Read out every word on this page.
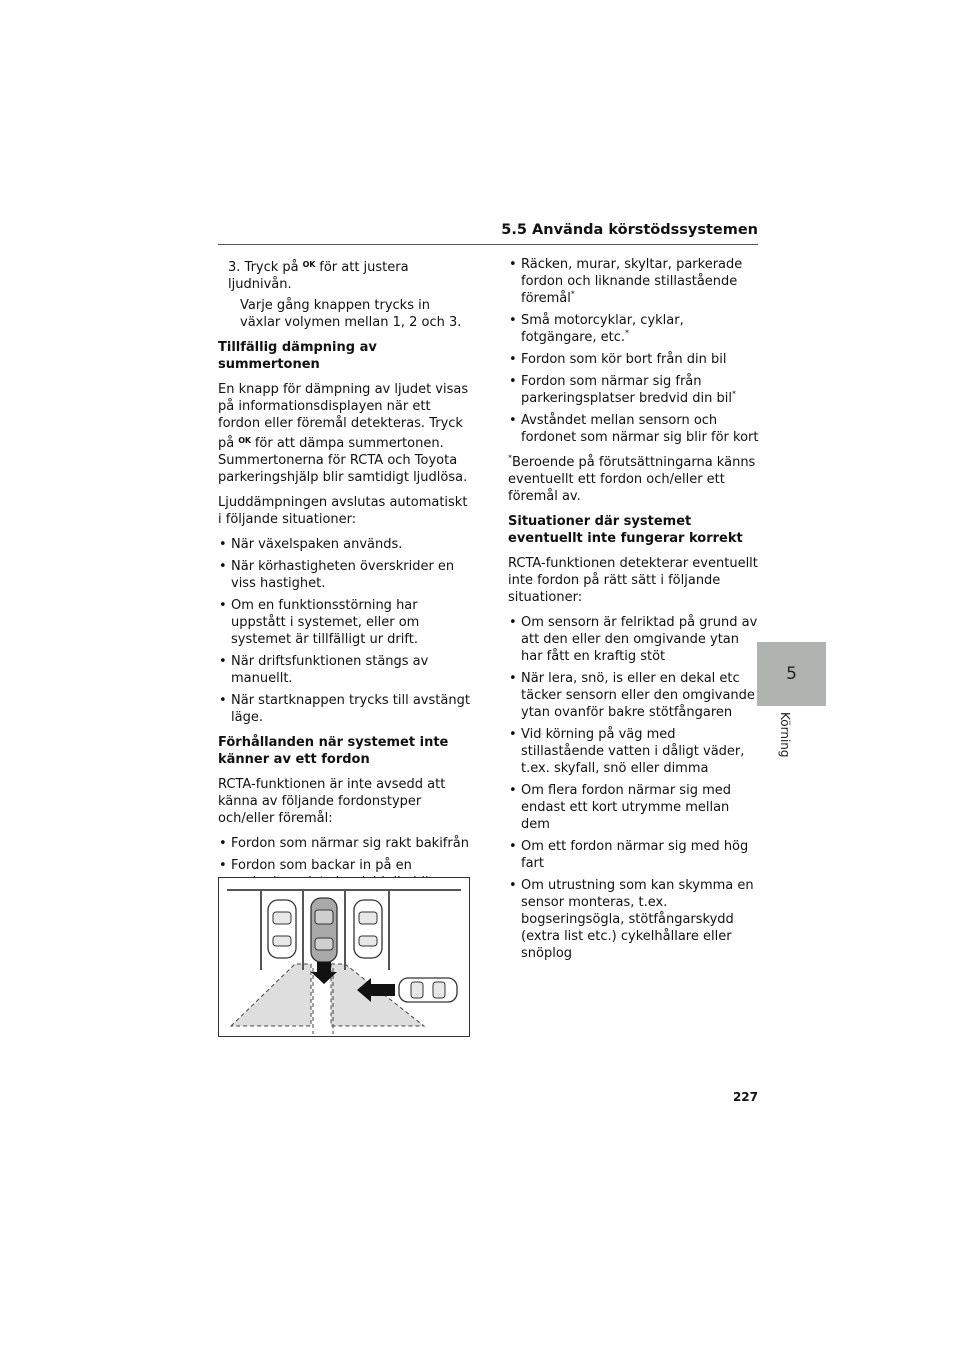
5.5 Använda körstödssystemen

3. Tryck på OK för att justera ljudnivån.

Varje gång knappen trycks in växlar volymen mellan 1, 2 och 3.

Tillfällig dämpning av summertonen

En knapp för dämpning av ljudet visas på informationsdisplayen när ett fordon eller föremål detekteras. Tryck på OK för att dämpa summertonen. Summertonerna för RCTA och Toyota parkeringshjälp blir samtidigt ljudlösa.

Ljuddämpningen avslutas automatiskt i följande situationer:

• När växelspaken används.
• När körhastigheten överskrider en viss hastighet.
• Om en funktionsstörning har uppstått i systemet, eller om systemet är tillfälligt ur drift.
• När driftsfunktionen stängs av manuellt.
• När startknappen trycks till avstängt läge.

Förhållanden när systemet inte känner av ett fordon

RCTA-funktionen är inte avsedd att känna av följande fordonstyper och/eller föremål:

• Fordon som närmar sig rakt bakifrån
• Fordon som backar in på en
•
• Räcken, murar, skyltar, parkerade fordon och liknande stillastående föremål*
• Små motorcyklar, cyklar, fotgängare, etc.*
• Fordon som kör bort från din bil
• Fordon som närmar sig från parkeringsplatser bredvid din bil*
• Avståndet mellan sensorn och fordonet som närmar sig blir för kort

*Beroende på förutsättningarna känns eventuellt ett fordon och/eller ett föremål av.

Situationer där systemet eventuellt inte fungerar korrekt

RCTA-funktionen detekterar eventuellt inte fordon på rätt sätt i följande situationer:

• Om sensorn är felriktad på grund av att den eller den omgivande ytan har fått en kraftig stöt
• När lera, snö, is eller en dekal etc täcker sensorn eller den omgivande ytan ovanför bakre stötfångaren
• Vid körning på väg med stillastående vatten i dåligt väder, t.ex. skyfall, snö eller dimma
• Om flera fordon närmar sig med endast ett kort utrymme mellan dem
• Om ett fordon närmar sig med hög fart
• Om utrustning som kan skymma en sensor monteras, t.ex. bogseringsögla, stötfångarskydd (extra list etc.) cykelhållare eller snöplog
5
Körning
227
